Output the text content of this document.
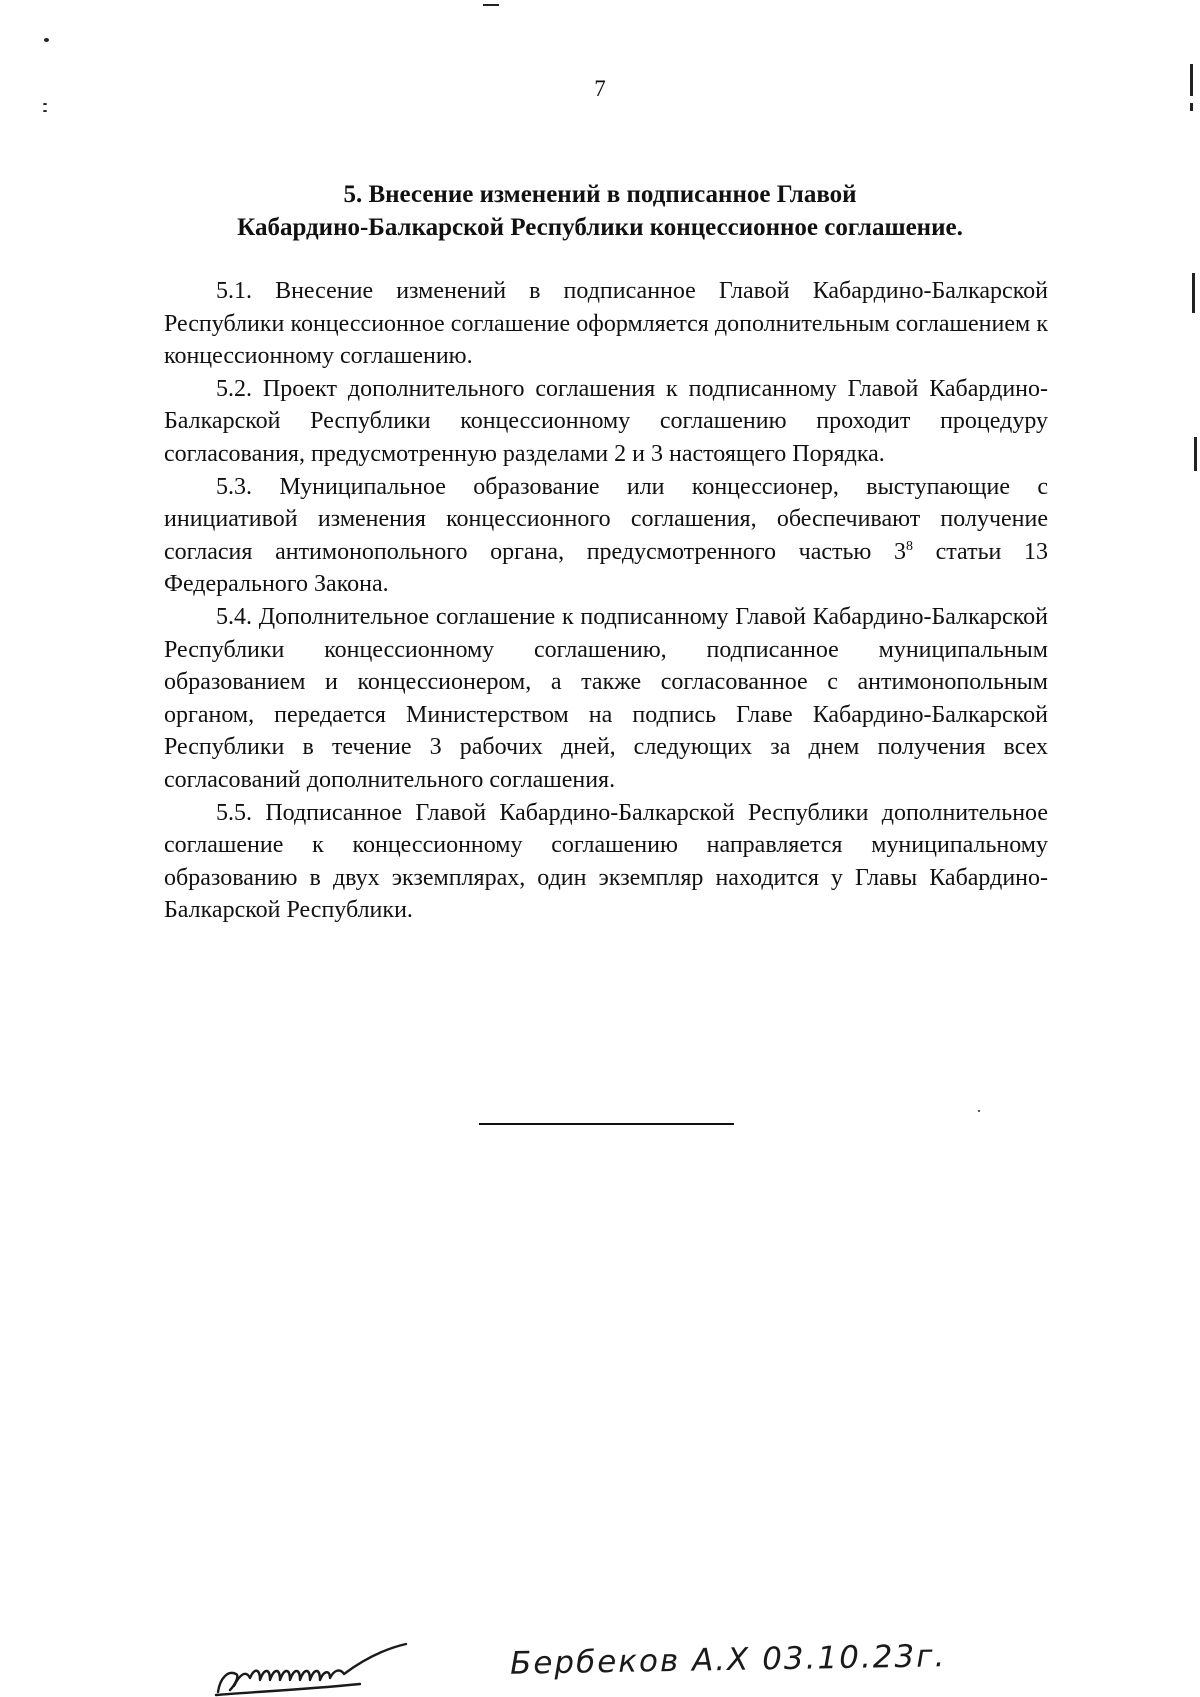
7
5. Внесение изменений в подписанное Главой
Кабардино-Балкарской Республики концессионное соглашение.

5.1. Внесение изменений в подписанное Главой Кабардино-Балкарской Республики концессионное соглашение оформляется дополнительным соглашением к концессионному соглашению.

5.2. Проект дополнительного соглашения к подписанному Главой Кабардино-Балкарской Республики концессионному соглашению проходит процедуру согласования, предусмотренную разделами 2 и 3 настоящего Порядка.

5.3. Муниципальное образование или концессионер, выступающие с инициативой изменения концессионного соглашения, обеспечивают получение согласия антимонопольного органа, предусмотренного частью $3^8$ статьи 13 Федерального Закона.

5.4. Дополнительное соглашение к подписанному Главой Кабардино-Балкарской Республики концессионному соглашению, подписанное муниципальным образованием и концессионером, а также согласованное с антимонопольным органом, передается Министерством на подпись Главе Кабардино-Балкарской Республики в течение 3 рабочих дней, следующих за днем получения всех согласований дополнительного соглашения.

5.5. Подписанное Главой Кабардино-Балкарской Республики дополнительное соглашение к концессионному соглашению направляется муниципальному образованию в двух экземплярах, один экземпляр находится у Главы Кабардино-Балкарской Республики.

Бербеков А.Х 03.10.23г.
